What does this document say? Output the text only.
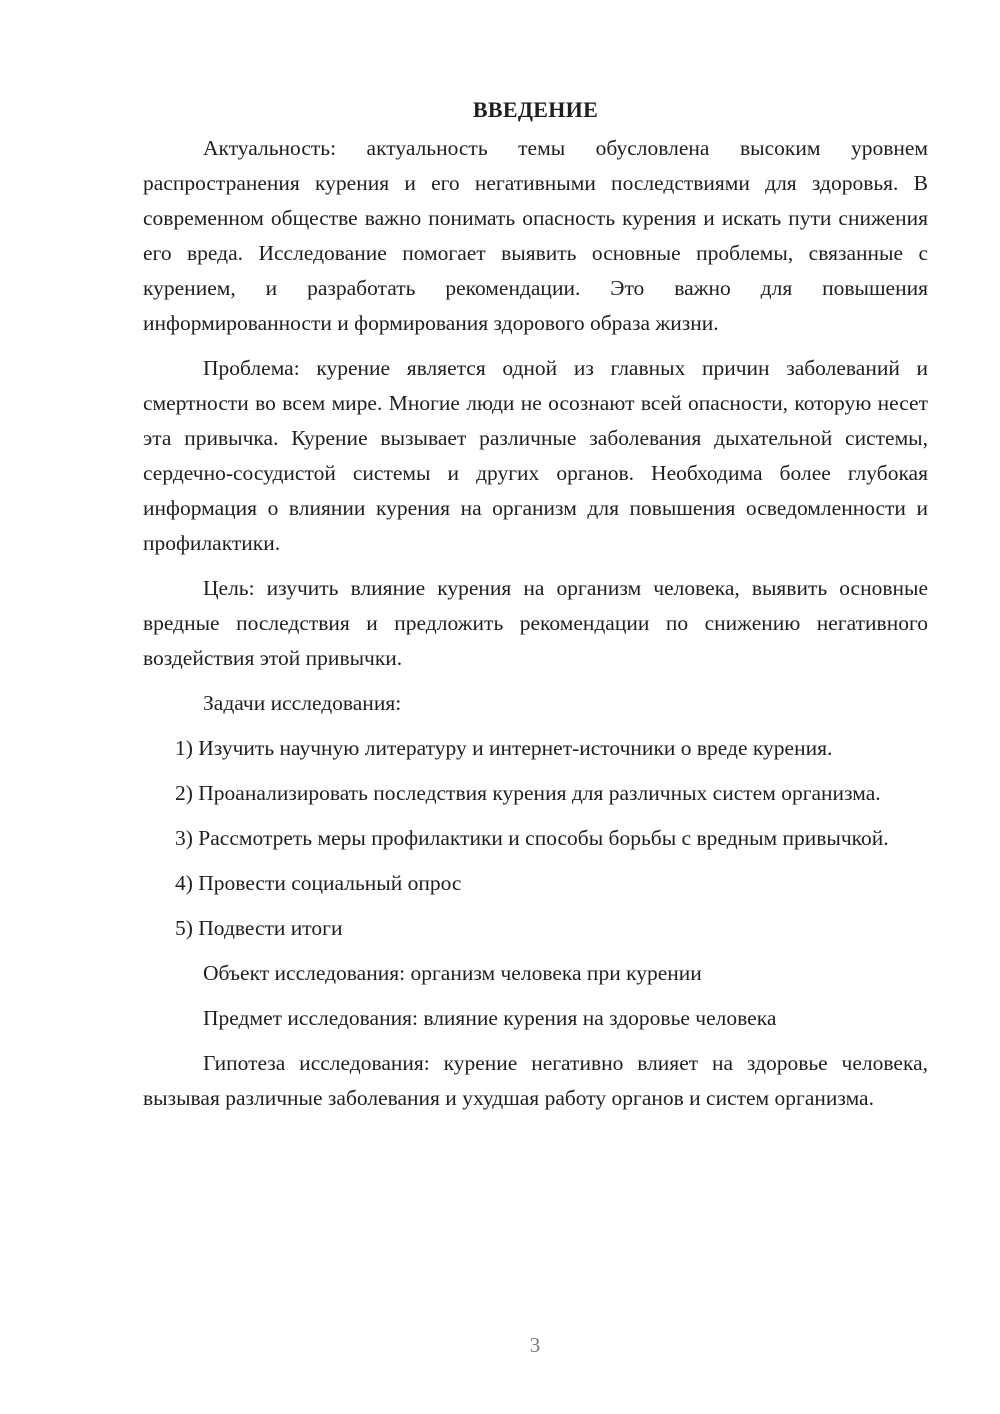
ВВЕДЕНИЕ

Актуальность: актуальность темы обусловлена высоким уровнем распространения курения и его негативными последствиями для здоровья. В современном обществе важно понимать опасность курения и искать пути снижения его вреда. Исследование помогает выявить основные проблемы, связанные с курением, и разработать рекомендации. Это важно для повышения информированности и формирования здорового образа жизни.

Проблема: курение является одной из главных причин заболеваний и смертности во всем мире. Многие люди не осознают всей опасности, которую несет эта привычка. Курение вызывает различные заболевания дыхательной системы, сердечно-сосудистой системы и других органов. Необходима более глубокая информация о влиянии курения на организм для повышения осведомленности и профилактики.

Цель: изучить влияние курения на организм человека, выявить основные вредные последствия и предложить рекомендации по снижению негативного воздействия этой привычки.

Задачи исследования:

1) Изучить научную литературу и интернет-источники о вреде курения.

2) Проанализировать последствия курения для различных систем организма.

3) Рассмотреть меры профилактики и способы борьбы с вредным привычкой.

4) Провести социальный опрос

5) Подвести итоги

Объект исследования: организм человека при курении

Предмет исследования: влияние курения на здоровье человека

Гипотеза исследования: курение негативно влияет на здоровье человека, вызывая различные заболевания и ухудшая работу органов и систем организма.

3
